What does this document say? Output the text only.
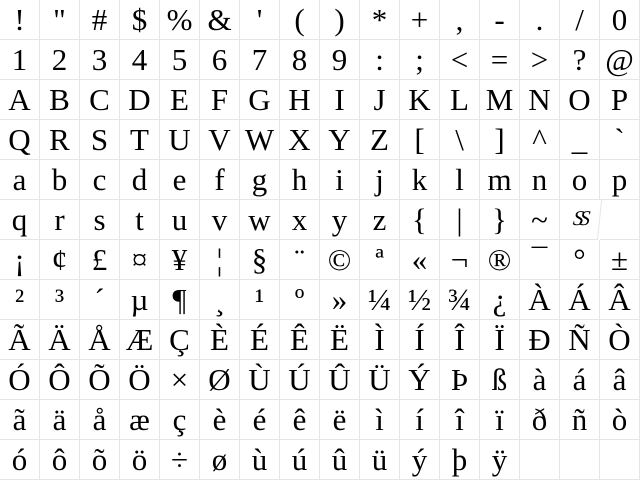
! " # $ % & '	( ) * + , - .	/ 0
1 2 3 4 5 6 7 8 9 :	; < = > ? @
A B C D E F G H I J K L M N O P
Q R S T U V W X Y Z [ \ ] ^ _ `
a b c d e f g h i	j k l m n o p
q r s t u v w x y z { | } ~	SS
¡ ¢ £ ¤ ¥ ¦ § ¨ © ª « ¬ ® ¯ ° ±
² ³ ´ µ ¶ ¸ ¹ º » ¼ ½ ¾ ¿ À Á Â
Ã Ä Å Æ Ç È É Ê Ë Ì Í Î Ï Ð Ñ Ò
Ó Ô Õ Ö × Ø Ù Ú Û Ü Ý Þ ß à á â
ã ä å æ ç è é ê ë ì	í	î	ï ð ñ ò
ó ô õ ö ÷ ø ù ú û ü ý þ ÿ
